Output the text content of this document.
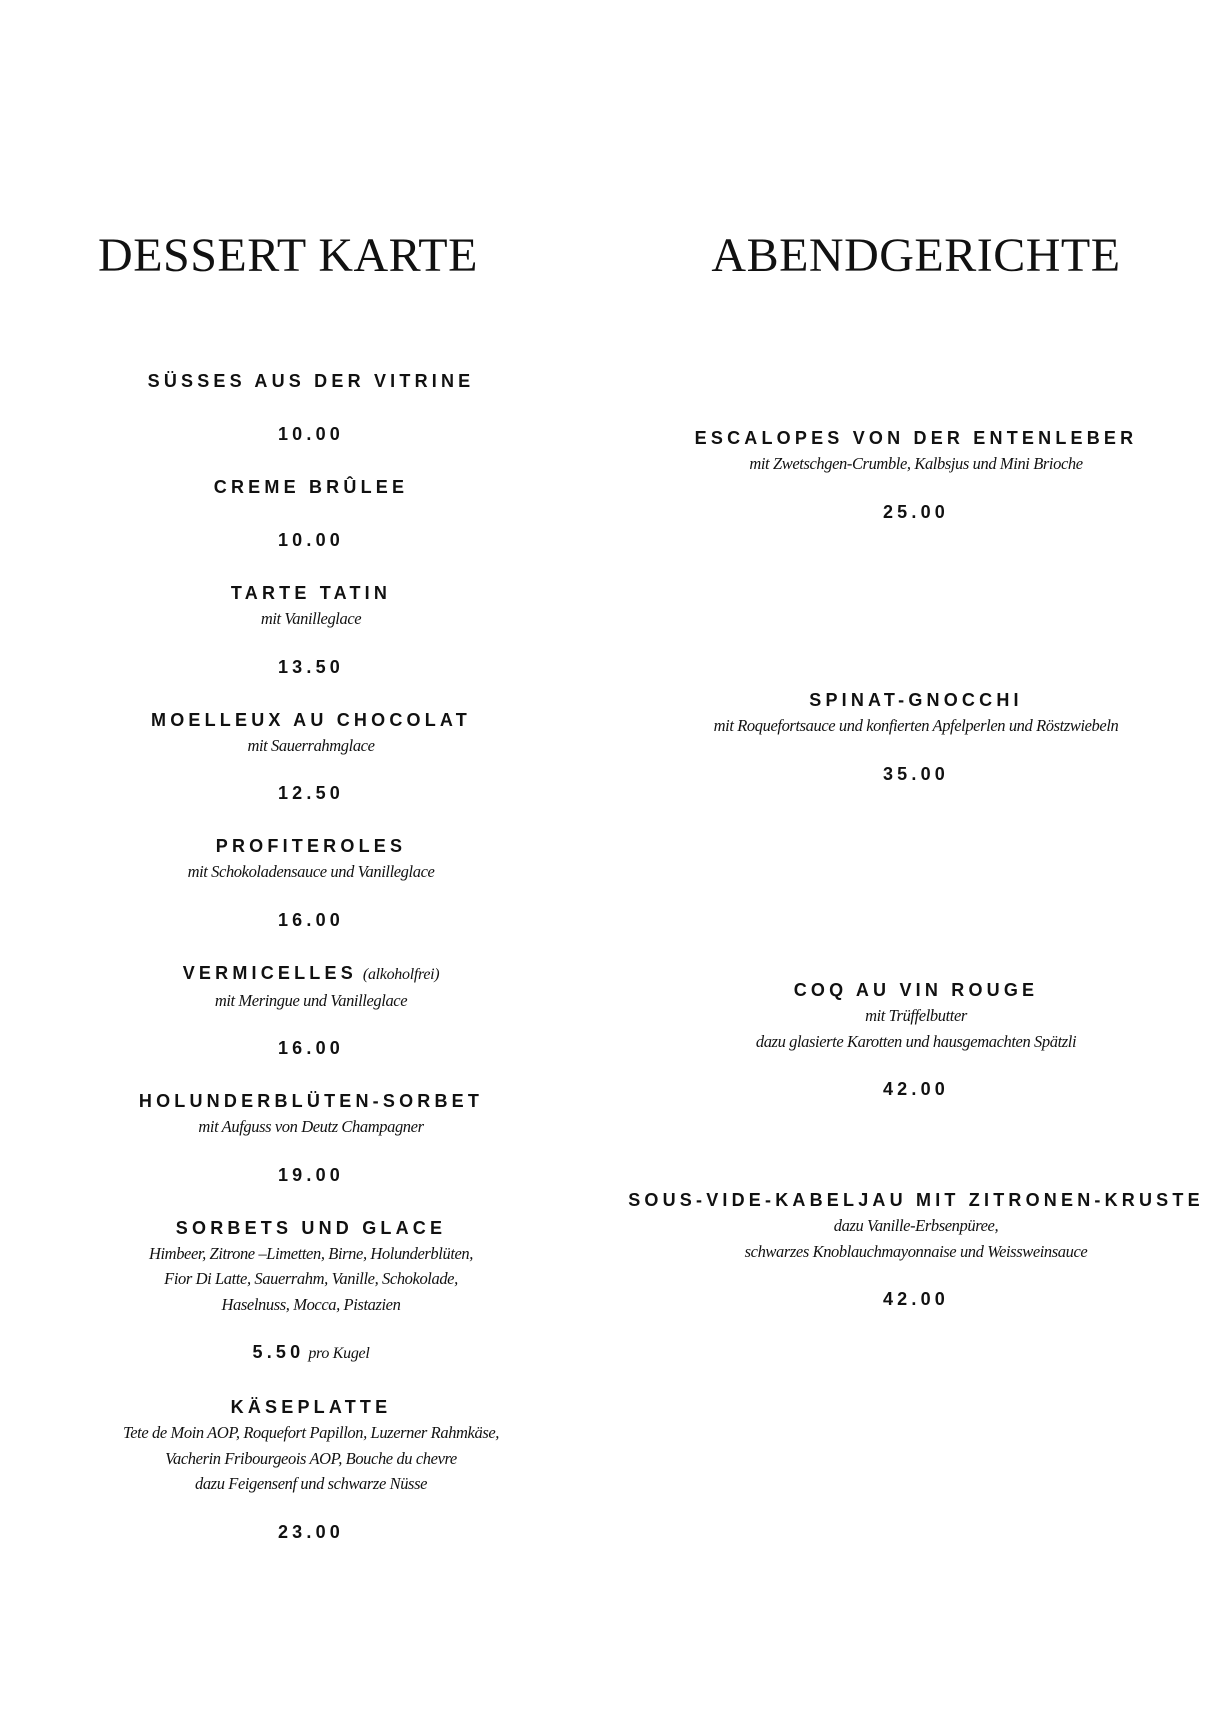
DESSERT KARTE	ABENDGERICHTE
SÜSSES AUS DER VITRINE
10.00
CREME BRÛLEE
10.00
TARTE TATIN
mit Vanilleglace
13.50
MOELLEUX AU CHOCOLAT
mit Sauerrahmglace
12.50
PROFITEROLES
mit Schokoladensauce und Vanilleglace
16.00
VERMICELLES (alkoholfrei)
mit Meringue und Vanilleglace
16.00
HOLUNDERBLÜTEN-SORBET
mit Aufguss von Deutz Champagner
19.00
SORBETS UND GLACE
Himbeer, Zitrone –Limetten, Birne, Holunderblüten,
Fior Di Latte, Sauerrahm, Vanille, Schokolade,
Haselnuss, Mocca, Pistazien
5.50 pro Kugel
KÄSEPLATTE
Tete de Moin AOP, Roquefort Papillon, Luzerner Rahmkäse,
Vacherin Fribourgeois AOP, Bouche du chevre
dazu Feigensenf und schwarze Nüsse
23.00
ESCALOPES VON DER ENTENLEBER
mit Zwetschgen-Crumble, Kalbsjus und Mini Brioche
25.00
SPINAT-GNOCCHI
mit Roquefortsauce und konfierten Apfelperlen und Röstzwiebeln
35.00
COQ AU VIN ROUGE
mit Trüffelbutter
dazu glasierte Karotten und hausgemachten Spätzli
42.00
SOUS-VIDE-KABELJAU MIT ZITRONEN-KRUSTE
dazu Vanille-Erbsenpüree,
schwarzes Knoblauchmayonnaise und Weissweinsauce
42.00
